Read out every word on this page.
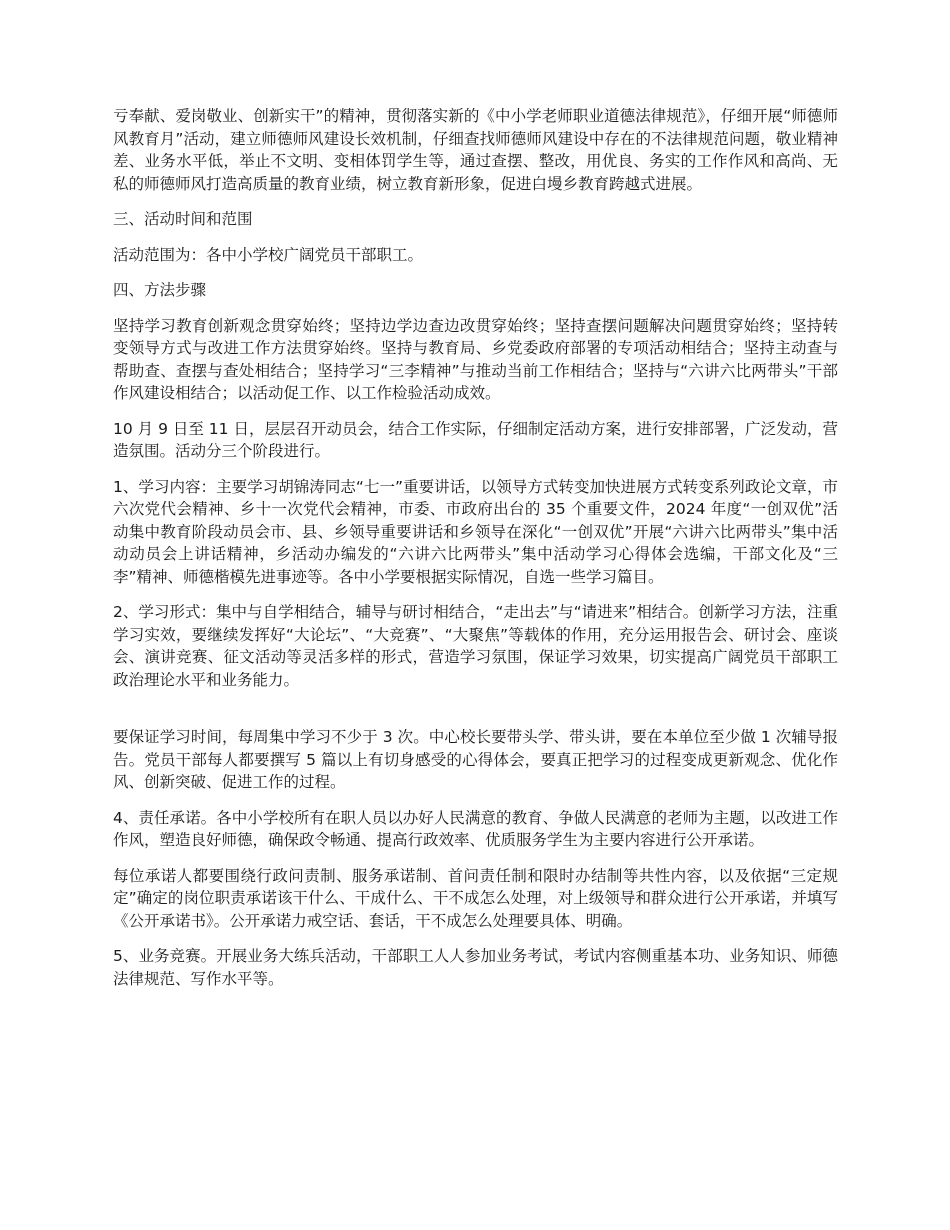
亏奉献、爱岗敬业、创新实干”的精神，贯彻落实新的《中小学老师职业道德法律规范》，仔细开展“师德师风教育月”活动，建立师德师风建设长效机制，仔细查找师德师风建设中存在的不法律规范问题，敬业精神差、业务水平低，举止不文明、变相体罚学生等，通过查摆、整改，用优良、务实的工作作风和高尚、无私的师德师风打造高质量的教育业绩，树立教育新形象，促进白墁乡教育跨越式进展。

三、活动时间和范围

活动范围为：各中小学校广阔党员干部职工。

四、方法步骤

坚持学习教育创新观念贯穿始终；坚持边学边查边改贯穿始终；坚持查摆问题解决问题贯穿始终；坚持转变领导方式与改进工作方法贯穿始终。坚持与教育局、乡党委政府部署的专项活动相结合；坚持主动查与帮助查、查摆与查处相结合；坚持学习“三李精神”与推动当前工作相结合；坚持与“六讲六比两带头”干部作风建设相结合；以活动促工作、以工作检验活动成效。

10 月 9 日至 11 日，层层召开动员会，结合工作实际，仔细制定活动方案，进行安排部署，广泛发动，营造氛围。活动分三个阶段进行。

1、学习内容：主要学习胡锦涛同志“七一”重要讲话，以领导方式转变加快进展方式转变系列政论文章，市六次党代会精神、乡十一次党代会精神，市委、市政府出台的 35 个重要文件，2024 年度“一创双优”活动集中教育阶段动员会市、县、乡领导重要讲话和乡领导在深化“一创双优”开展“六讲六比两带头”集中活动动员会上讲话精神，乡活动办编发的“六讲六比两带头”集中活动学习心得体会选编，干部文化及“三李”精神、师德楷模先进事迹等。各中小学要根据实际情况，自选一些学习篇目。

2、学习形式：集中与自学相结合，辅导与研讨相结合，“走出去”与“请进来”相结合。创新学习方法，注重学习实效，要继续发挥好“大论坛”、“大竞赛”、“大聚焦”等载体的作用，充分运用报告会、研讨会、座谈会、演讲竞赛、征文活动等灵活多样的形式，营造学习氛围，保证学习效果，切实提高广阔党员干部职工政治理论水平和业务能力。

要保证学习时间，每周集中学习不少于 3 次。中心校长要带头学、带头讲，要在本单位至少做 1 次辅导报告。党员干部每人都要撰写 5 篇以上有切身感受的心得体会，要真正把学习的过程变成更新观念、优化作风、创新突破、促进工作的过程。

4、责任承诺。各中小学校所有在职人员以办好人民满意的教育、争做人民满意的老师为主题，以改进工作作风，塑造良好师德，确保政令畅通、提高行政效率、优质服务学生为主要内容进行公开承诺。

每位承诺人都要围绕行政问责制、服务承诺制、首问责任制和限时办结制等共性内容，以及依据“三定规定”确定的岗位职责承诺该干什么、干成什么、干不成怎么处理，对上级领导和群众进行公开承诺，并填写《公开承诺书》。公开承诺力戒空话、套话，干不成怎么处理要具体、明确。

5、业务竞赛。开展业务大练兵活动，干部职工人人参加业务考试，考试内容侧重基本功、业务知识、师德法律规范、写作水平等。
